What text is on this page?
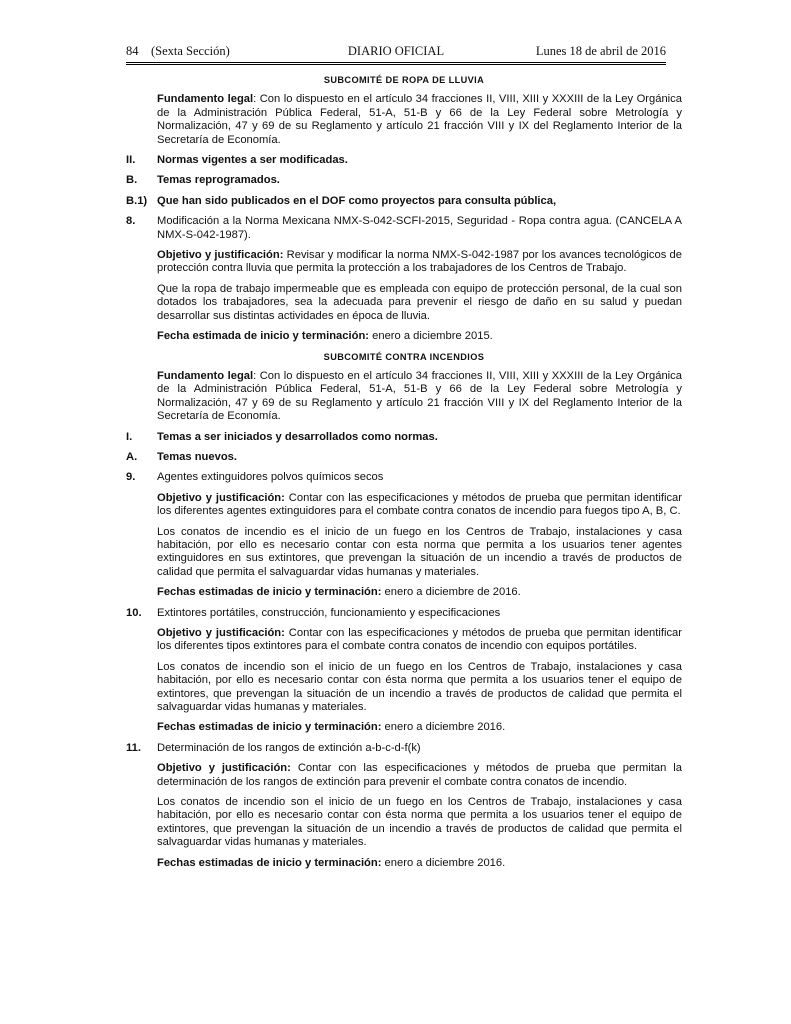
84    (Sexta Sección)	DIARIO OFICIAL	Lunes 18 de abril de 2016
SUBCOMITÉ DE ROPA DE LLUVIA
Fundamento legal: Con lo dispuesto en el artículo 34 fracciones II, VIII, XIII y XXXIII de la Ley Orgánica de la Administración Pública Federal, 51-A, 51-B y 66 de la Ley Federal sobre Metrología y Normalización, 47 y 69 de su Reglamento y artículo 21 fracción VIII y IX del Reglamento Interior de la Secretaría de Economía.
II. Normas vigentes a ser modificadas.
B. Temas reprogramados.
B.1) Que han sido publicados en el DOF como proyectos para consulta pública,
8. Modificación a la Norma Mexicana NMX-S-042-SCFI-2015, Seguridad - Ropa contra agua. (CANCELA A NMX-S-042-1987).
Objetivo y justificación: Revisar y modificar la norma NMX-S-042-1987 por los avances tecnológicos de protección contra lluvia que permita la protección a los trabajadores de los Centros de Trabajo.
Que la ropa de trabajo impermeable que es empleada con equipo de protección personal, de la cual son dotados los trabajadores, sea la adecuada para prevenir el riesgo de daño en su salud y puedan desarrollar sus distintas actividades en época de lluvia.
Fecha estimada de inicio y terminación: enero a diciembre 2015.
SUBCOMITÉ CONTRA INCENDIOS
Fundamento legal: Con lo dispuesto en el artículo 34 fracciones II, VIII, XIII y XXXIII de la Ley Orgánica de la Administración Pública Federal, 51-A, 51-B y 66 de la Ley Federal sobre Metrología y Normalización, 47 y 69 de su Reglamento y artículo 21 fracción VIII y IX del Reglamento Interior de la Secretaría de Economía.
I. Temas a ser iniciados y desarrollados como normas.
A. Temas nuevos.
9. Agentes extinguidores polvos químicos secos
Objetivo y justificación: Contar con las especificaciones y métodos de prueba que permitan identificar los diferentes agentes extinguidores para el combate contra conatos de incendio para fuegos tipo A, B, C.
Los conatos de incendio es el inicio de un fuego en los Centros de Trabajo, instalaciones y casa habitación, por ello es necesario contar con esta norma que permita a los usuarios tener agentes extinguidores en sus extintores, que prevengan la situación de un incendio a través de productos de calidad que permita el salvaguardar vidas humanas y materiales.
Fechas estimadas de inicio y terminación: enero a diciembre de 2016.
10. Extintores portátiles, construcción, funcionamiento y especificaciones
Objetivo y justificación: Contar con las especificaciones y métodos de prueba que permitan identificar los diferentes tipos extintores para el combate contra conatos de incendio con equipos portátiles.
Los conatos de incendio son el inicio de un fuego en los Centros de Trabajo, instalaciones y casa habitación, por ello es necesario contar con ésta norma que permita a los usuarios tener el equipo de extintores, que prevengan la situación de un incendio a través de productos de calidad que permita el salvaguardar vidas humanas y materiales.
Fechas estimadas de inicio y terminación: enero a diciembre 2016.
11. Determinación de los rangos de extinción a-b-c-d-f(k)
Objetivo y justificación: Contar con las especificaciones y métodos de prueba que permitan la determinación de los rangos de extinción para prevenir el combate contra conatos de incendio.
Los conatos de incendio son el inicio de un fuego en los Centros de Trabajo, instalaciones y casa habitación, por ello es necesario contar con ésta norma que permita a los usuarios tener el equipo de extintores, que prevengan la situación de un incendio a través de productos de calidad que permita el salvaguardar vidas humanas y materiales.
Fechas estimadas de inicio y terminación: enero a diciembre 2016.
